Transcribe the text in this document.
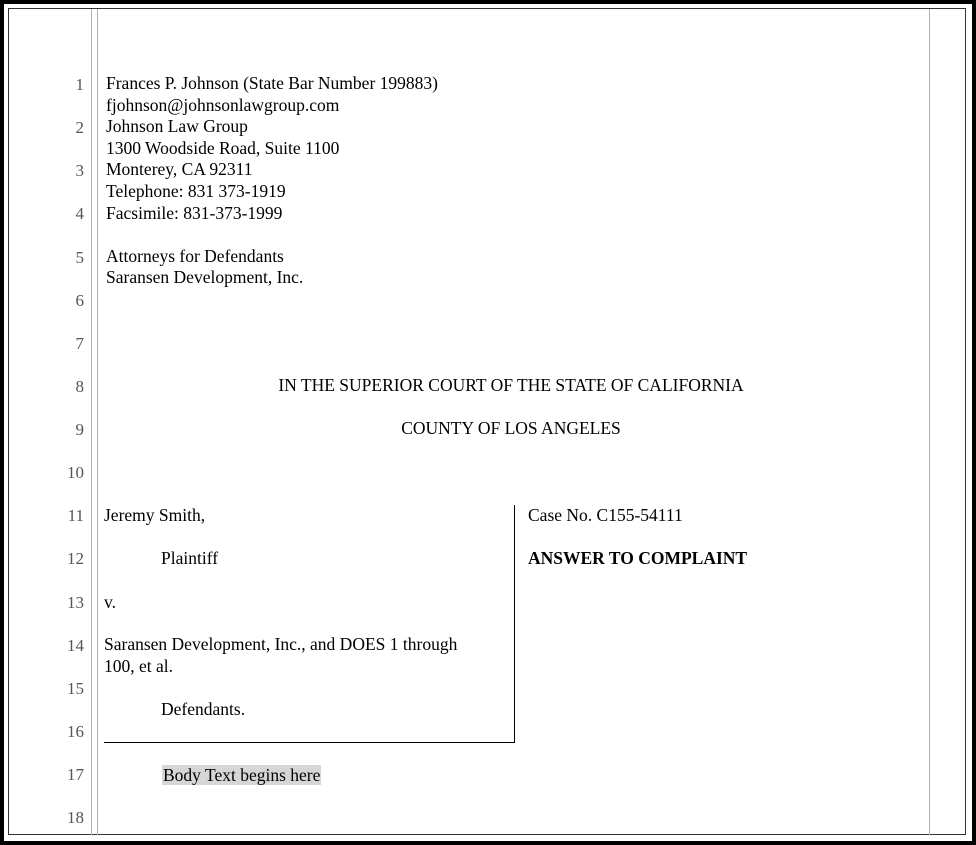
1
2
3
4
5
6
7
8
9
10
11
12
13
14
15
16
17
18
Frances P. Johnson (State Bar Number 199883)
fjohnson@johnsonlawgroup.com
Johnson Law Group
1300 Woodside Road, Suite 1100
Monterey, CA 92311
Telephone: 831 373-1919
Facsimile: 831-373-1999
Attorneys for Defendants
Saransen Development, Inc.
IN THE SUPERIOR COURT OF THE STATE OF CALIFORNIA
COUNTY OF LOS ANGELES
Jeremy Smith,
Plaintiff
v.
Saransen Development, Inc., and DOES 1 through
100, et al.
Defendants.
Case No. C155-54111
ANSWER TO COMPLAINT
Body Text begins here
